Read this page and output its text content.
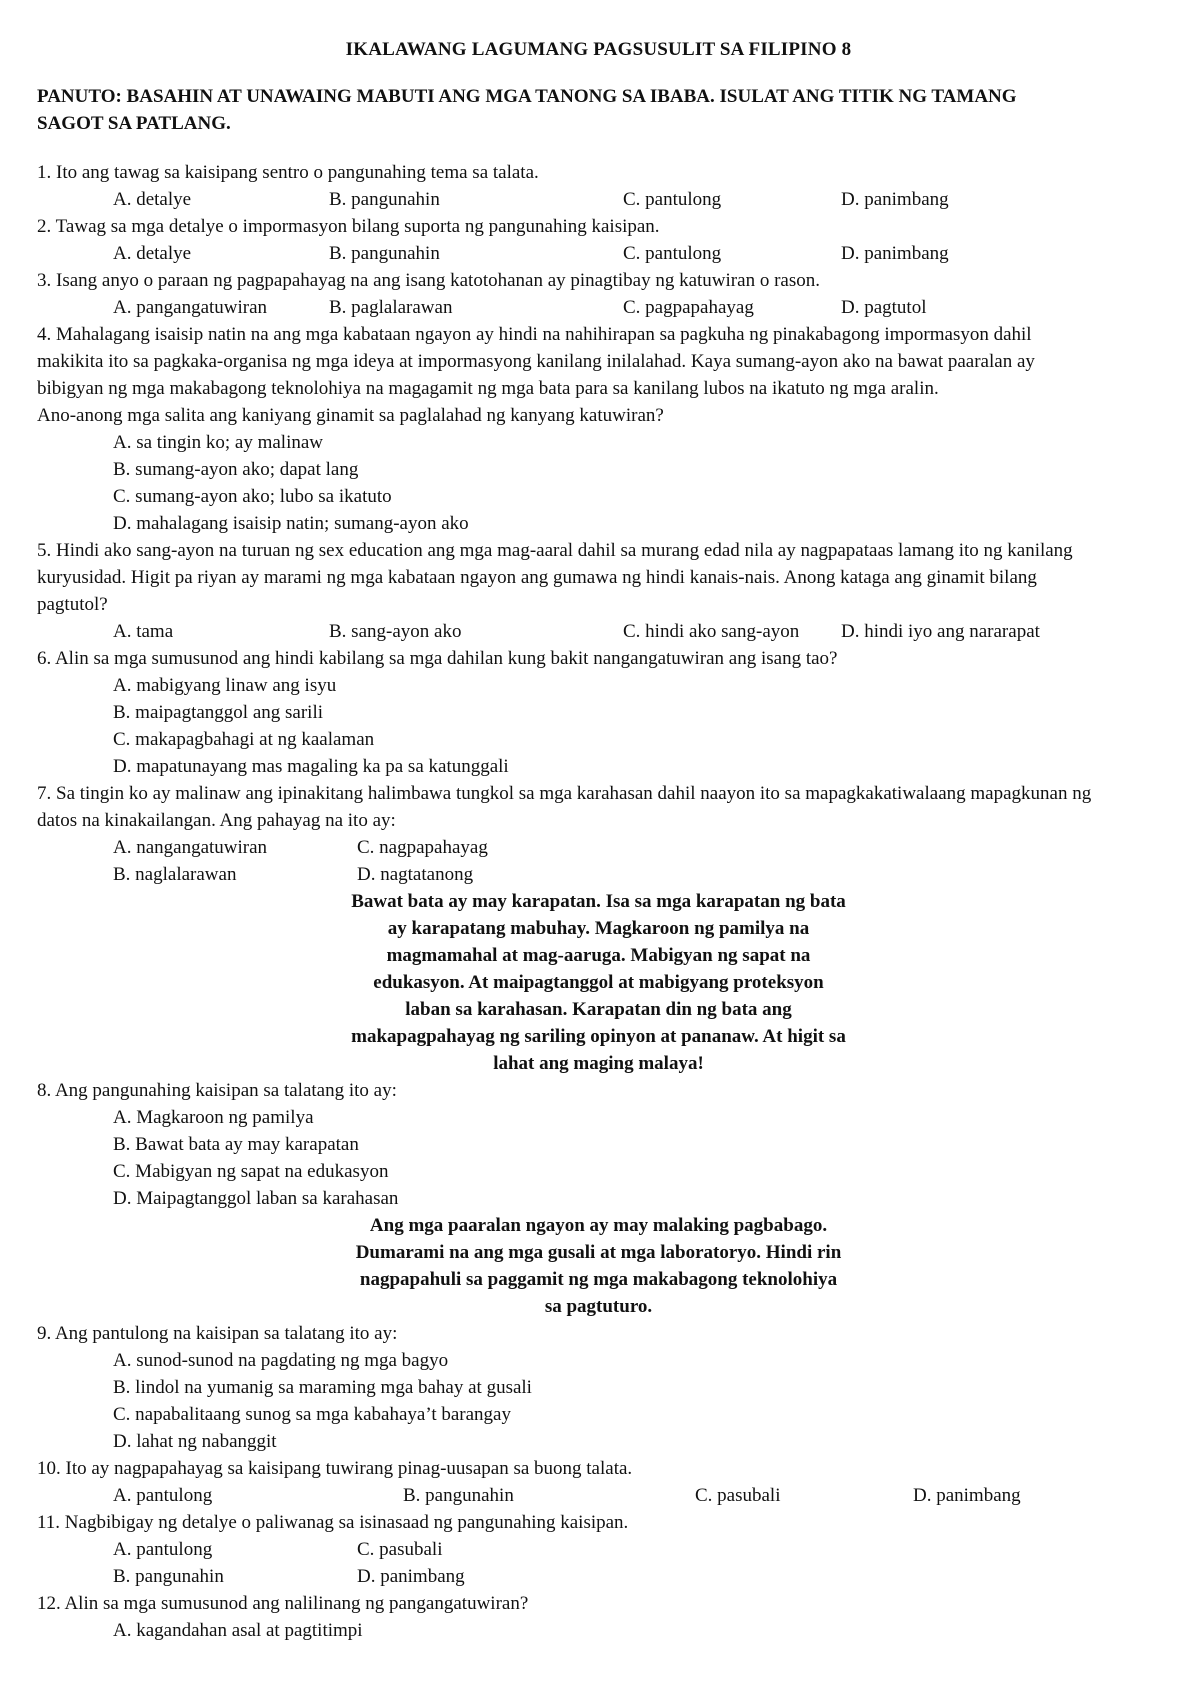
IKALAWANG LAGUMANG PAGSUSULIT SA FILIPINO 8
PANUTO: BASAHIN AT UNAWAING MABUTI ANG MGA TANONG SA IBABA. ISULAT ANG TITIK NG TAMANG
SAGOT SA PATLANG.
1. Ito ang tawag sa kaisipang sentro o pangunahing tema sa talata.
A. detalye	B. pangunahin	C. pantulong	D. panimbang
2. Tawag sa mga detalye o impormasyon bilang suporta ng pangunahing kaisipan.
A. detalye	B. pangunahin	C. pantulong	D. panimbang
3. Isang anyo o paraan ng pagpapahayag na ang isang katotohanan ay pinagtibay ng katuwiran o rason.
A. pangangatuwiran	B. paglalarawan	C. pagpapahayag	D. pagtutol
4. Mahalagang isaisip natin na ang mga kabataan ngayon ay hindi na nahihirapan sa pagkuha ng pinakabagong impormasyon dahil
makikita ito sa pagkaka-organisa ng mga ideya at impormasyong kanilang inilalahad. Kaya sumang-ayon ako na bawat paaralan ay
bibigyan ng mga makabagong teknolohiya na magagamit ng mga bata para sa kanilang lubos na ikatuto ng mga aralin.
Ano-anong mga salita ang kaniyang ginamit sa paglalahad ng kanyang katuwiran?
A. sa tingin ko; ay malinaw
B. sumang-ayon ako; dapat lang
C. sumang-ayon ako; lubo sa ikatuto
D. mahalagang isaisip natin; sumang-ayon ako
5. Hindi ako sang-ayon na turuan ng sex education ang mga mag-aaral dahil sa murang edad nila ay nagpapataas lamang ito ng kanilang
kuryusidad. Higit pa riyan ay marami ng mga kabataan ngayon ang gumawa ng hindi kanais-nais. Anong kataga ang ginamit bilang
pagtutol?
A. tama	B. sang-ayon ako	C. hindi ako sang-ayon	D. hindi iyo ang nararapat
6. Alin sa mga sumusunod ang hindi kabilang sa mga dahilan kung bakit nangangatuwiran ang isang tao?
A. mabigyang linaw ang isyu
B. maipagtanggol ang sarili
C. makapagbahagi at ng kaalaman
D. mapatunayang mas magaling ka pa sa katunggali
7. Sa tingin ko ay malinaw ang ipinakitang halimbawa tungkol sa mga karahasan dahil naayon ito sa mapagkakatiwalaang mapagkunan ng
datos na kinakailangan. Ang pahayag na ito ay:
A. nangangatuwiran	C. nagpapahayag
B. naglalarawan	D. nagtatanong
Bawat bata ay may karapatan. Isa sa mga karapatan ng bata
ay karapatang mabuhay. Magkaroon ng pamilya na
magmamahal at mag-aaruga. Mabigyan ng sapat na
edukasyon. At maipagtanggol at mabigyang proteksyon
laban sa karahasan. Karapatan din ng bata ang
makapagpahayag ng sariling opinyon at pananaw. At higit sa
lahat ang maging malaya!
8. Ang pangunahing kaisipan sa talatang ito ay:
A. Magkaroon ng pamilya
B. Bawat bata ay may karapatan
C. Mabigyan ng sapat na edukasyon
D. Maipagtanggol laban sa karahasan
Ang mga paaralan ngayon ay may malaking pagbabago.
Dumarami na ang mga gusali at mga laboratoryo. Hindi rin
nagpapahuli sa paggamit ng mga makabagong teknolohiya
sa pagtuturo.
9. Ang pantulong na kaisipan sa talatang ito ay:
A. sunod-sunod na pagdating ng mga bagyo
B. lindol na yumanig sa maraming mga bahay at gusali
C. napabalitaang sunog sa mga kabahaya’t barangay
D. lahat ng nabanggit
10. Ito ay nagpapahayag sa kaisipang tuwirang pinag-uusapan sa buong talata.
A. pantulong	B. pangunahin	C. pasubali	D. panimbang
11. Nagbibigay ng detalye o paliwanag sa isinasaad ng pangunahing kaisipan.
A. pantulong	C. pasubali
B. pangunahin	D. panimbang
12. Alin sa mga sumusunod ang nalilinang ng pangangatuwiran?
A. kagandahan asal at pagtitimpi
